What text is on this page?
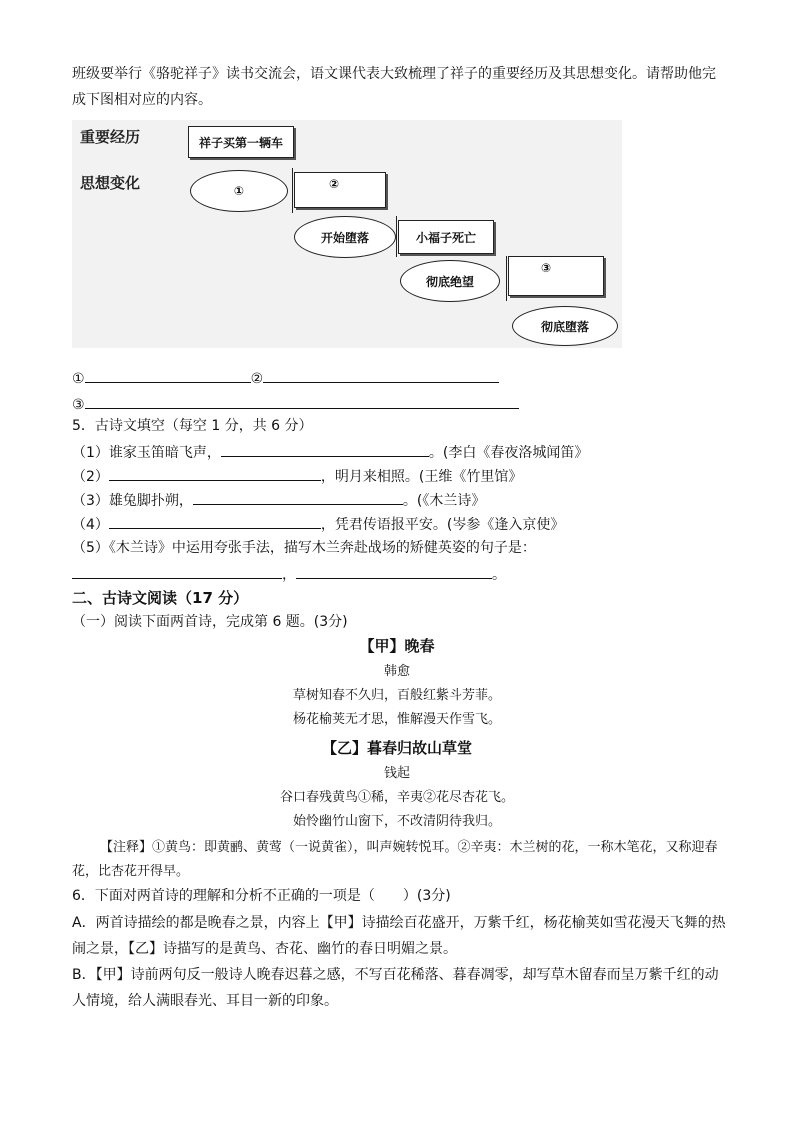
班级要举行《骆驼祥子》读书交流会，语文课代表大致梳理了祥子的重要经历及其思想变化。请帮助他完
成下图相对应的内容。
重要经历
思想变化
祥子买第一辆车
①	②
开始堕落	小福子死亡
彻底绝望
③
彻底堕落
①	②
③
5．古诗文填空（每空 1 分，共 6 分）
（1）谁家玉笛暗飞声，	。(李白《春夜洛城闻笛》
（2）	，明月来相照。(王维《竹里馆》
（3）雄兔脚扑朔，	。(《木兰诗》
（4）	，凭君传语报平安。(岑参《逢入京使》
（5）《木兰诗》中运用夸张手法，描写木兰奔赴战场的矫健英姿的句子是：
，	。
二、古诗文阅读（17 分）
（一）阅读下面两首诗，完成第 6 题。(3分)
【甲】晚春
韩愈
草树知春不久归，百般红紫斗芳菲。
杨花榆荚无才思，惟解漫天作雪飞。
【乙】暮春归故山草堂
钱起
谷口春残黄鸟①稀，辛夷②花尽杏花飞。
始怜幽竹山窗下，不改清阴待我归。
【注释】①黄鸟：即黄鹂、黄莺（一说黄雀），叫声婉转悦耳。②辛夷：木兰树的花，一称木笔花，又称迎春花，比杏花开得早。
6．下面对两首诗的理解和分析不正确的一项是（　　）(3分)
A．两首诗描绘的都是晚春之景，内容上【甲】诗描绘百花盛开，万紫千红，杨花榆荚如雪花漫天飞舞的热闹之景，【乙】诗描写的是黄鸟、杏花、幽竹的春日明媚之景。
B．【甲】诗前两句反一般诗人晚春迟暮之感，不写百花稀落、暮春凋零，却写草木留春而呈万紫千红的动人情境，给人满眼春光、耳目一新的印象。
